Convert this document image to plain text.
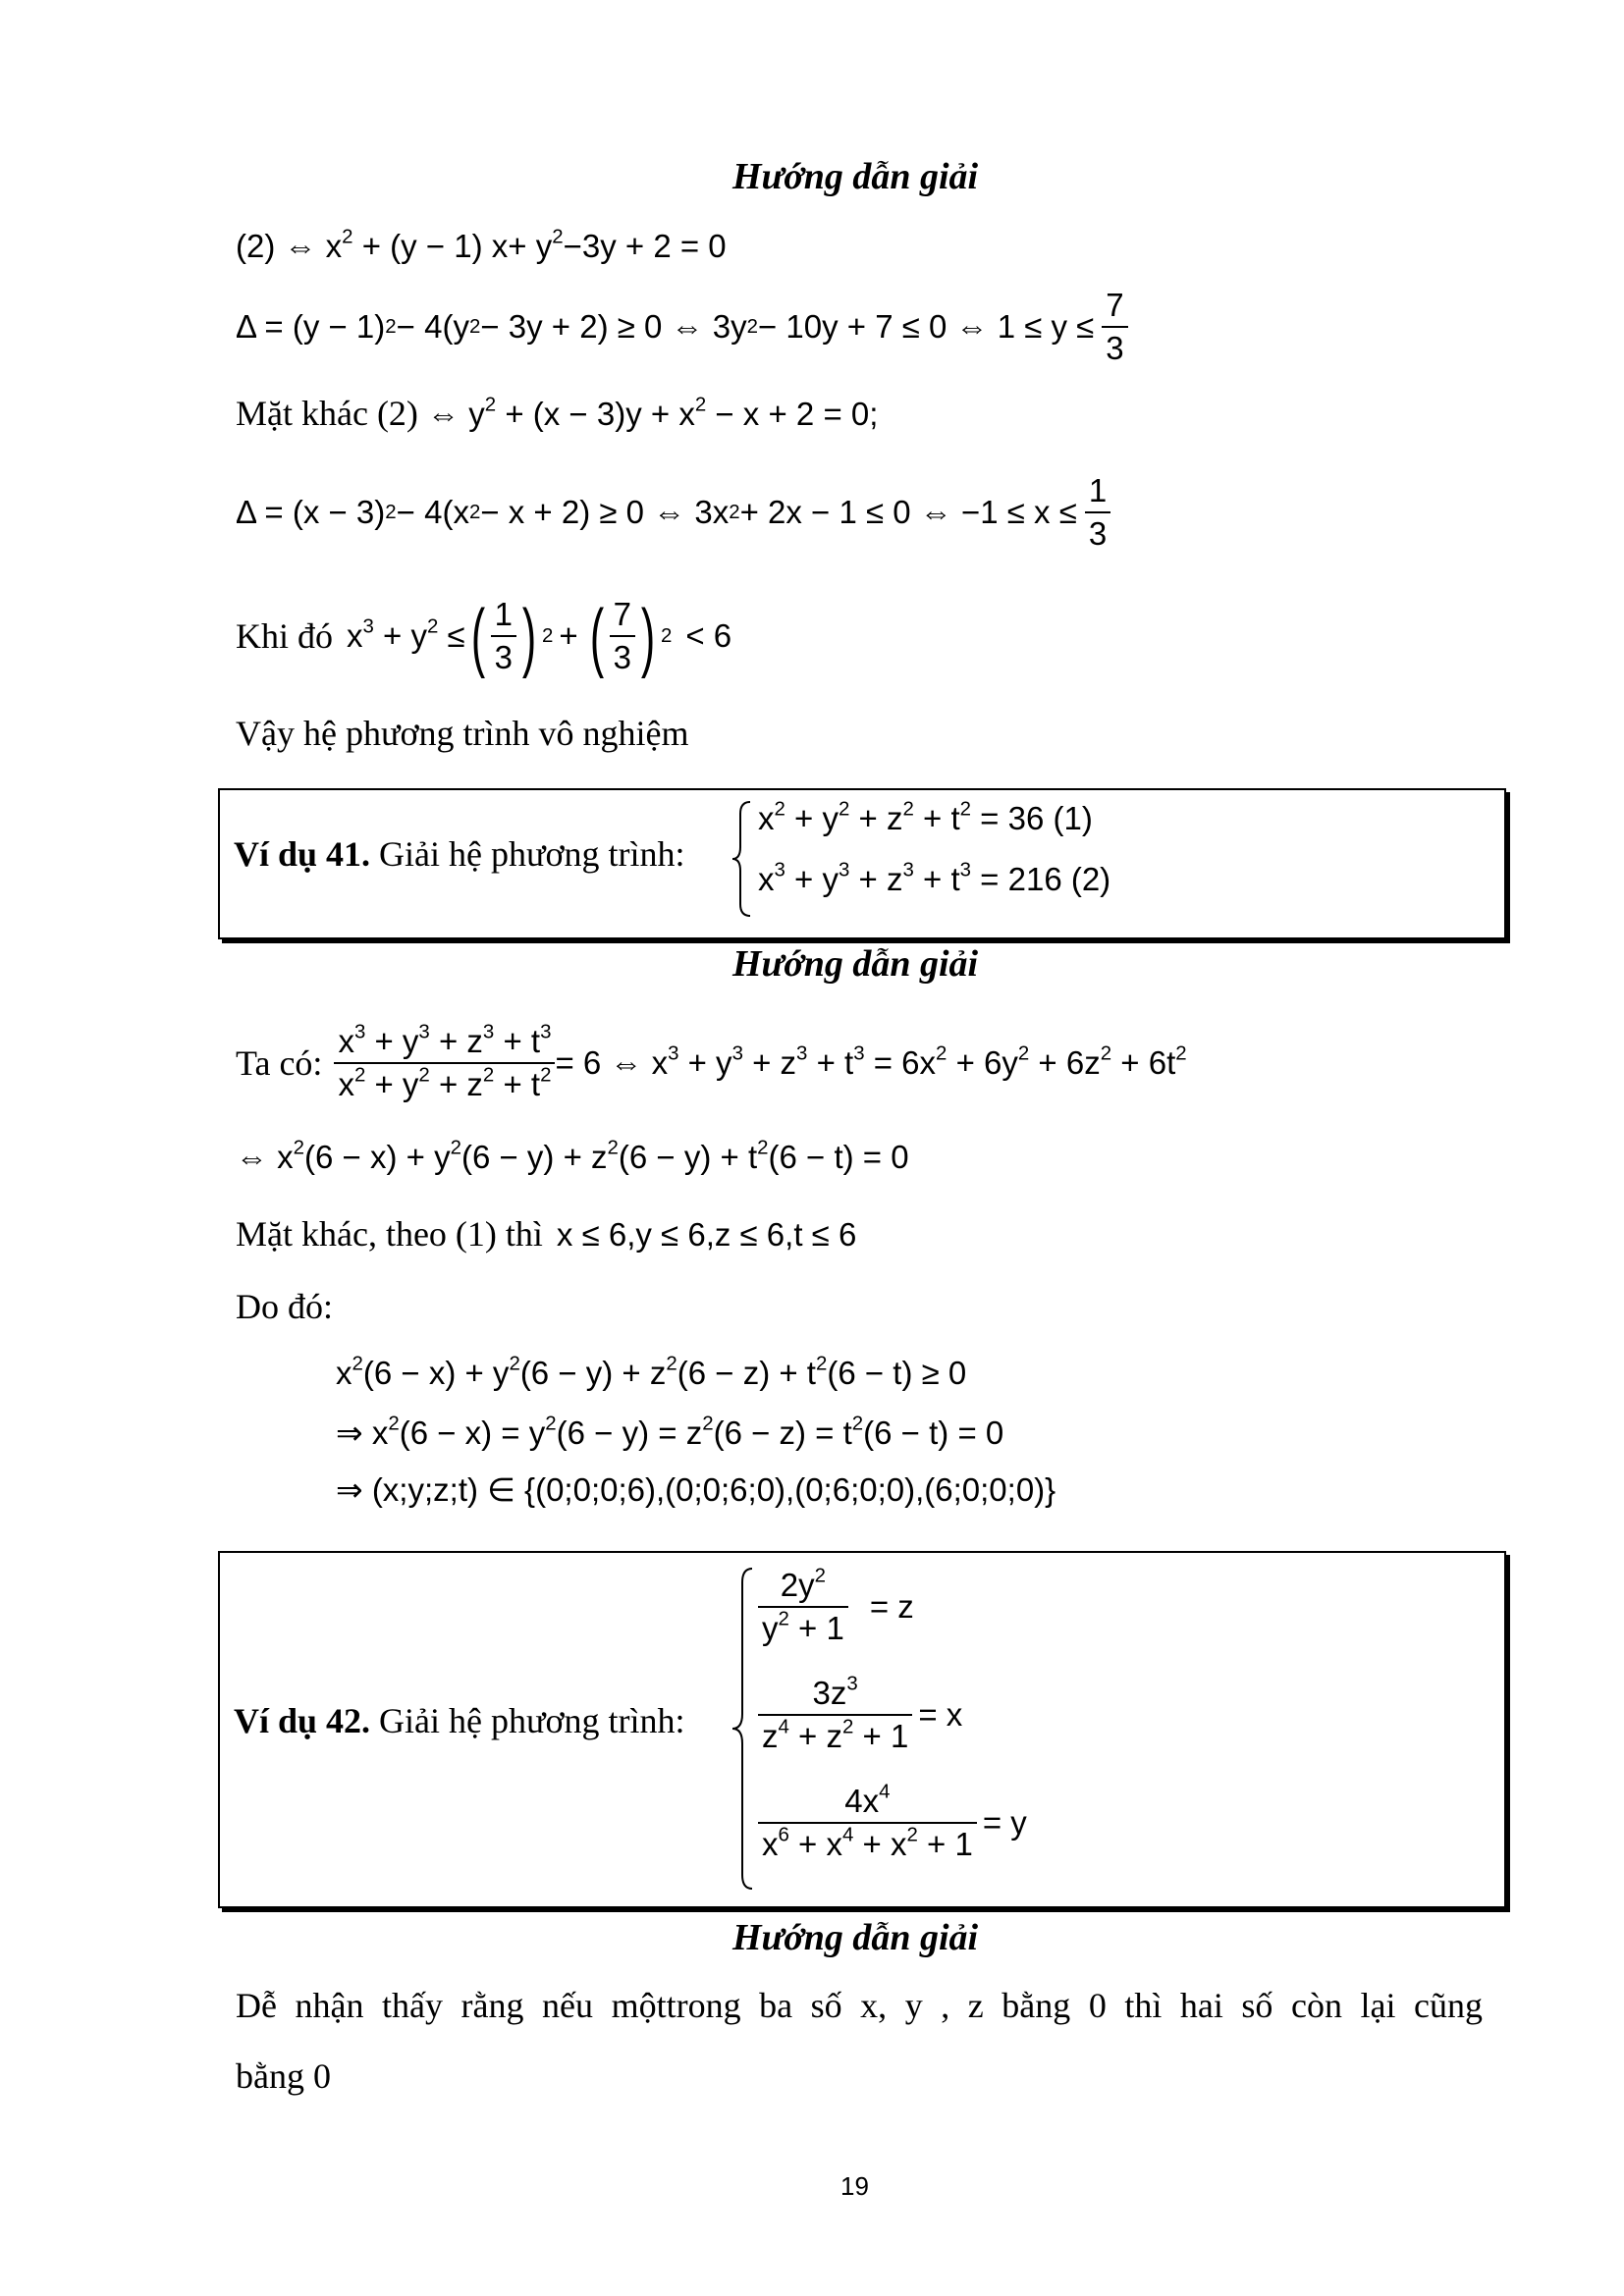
Hướng dẫn giải
(2) ⇔ $x^2 + (y - 1)$ $x+ y^2-3y + 2 = 0$
Δ = (y − 1) 2 − 4(y 2 − 3y + 2) ≥ 0 ⇔ 3y 2 − 10y + 7 ≤ 0 ⇔ $1 \le y \le \frac{7}{3}$
Mặt khác (2) ⇔ $y^2 + (x - 3)y + x^2 - x + 2 = 0$;
Δ = (x − 3) 2 − 4(x 2 − x + 2) ≥ 0 ⇔ 3x 2 + 2x − 1 ≤ 0 ⇔ $-1 \le x \le \frac{1}{3}$
Khi đó $x^3 + y^2$ ≤ ( $\frac{1}{3}$ ) 2 + ( $\frac{7}{3}$ ) 2 < 6
Vậy hệ phương trình vô nghiệm
Ví dụ 41. Giải hệ phương trình:
$x^2 + y^2 + z^2 + t^2 = 36$ (1)
$x^3 + y^3 + z^3 + t^3 = 216$ (2)
Hướng dẫn giải
Ta có: $\frac{x^3 + y^3 + z^3 + t^3}{x^2 + y^2 + z^2 + t^2} = 6$ ⇔ $x^3 + y^3 + z^3 + t^3 = 6x^2 + 6y^2 + 6z^2 + 6t^2$
⇔ $x^2(6 - x) + y^2(6 - y) + z^2(6 - y) + t^2(6 - t) = 0$
Mặt khác, theo (1) thì x ≤ 6,y ≤ 6,z ≤ 6,t ≤ 6
Do đó:
$x^2(6 - x) + y^2(6 - y) + z^2(6 - z) + t^2(6 - t) \ge 0$
⇒ $x^2(6 - x) = y^2(6 - y) = z^2(6 - z) = t^2(6 - t) = 0$
⇒ (x;y;z;t) ∈ {(0;0;0;6),(0;0;6;0),(0;6;0;0),(6;0;0;0)}
Ví dụ 42. Giải hệ phương trình:
$\frac{2y^2}{y^2 + 1} = z$
$\frac{3z^3}{z^4 + z^2 + 1} = x$
$\frac{4x^4}{x^6 + x^4 + x^2 + 1} = y$
Hướng dẫn giải
Dễ nhận thấy rằng nếu mộttrong ba số x, y , z bằng 0 thì hai số còn lại cũng
bằng 0
19
